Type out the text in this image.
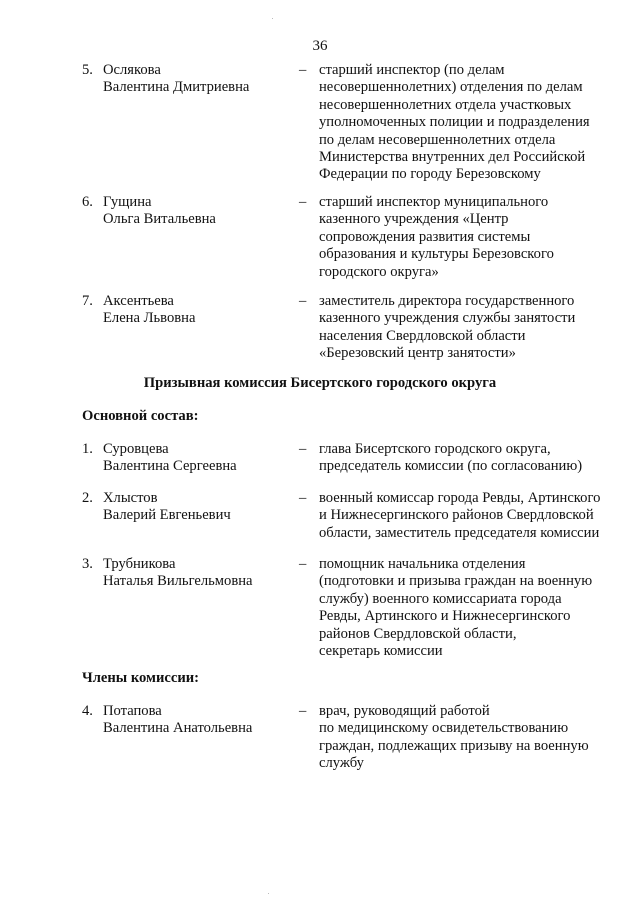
36
5. Ослякова
Валентина Дмитриевна
– старший инспектор (по делам
несовершеннолетних) отделения по делам
несовершеннолетних отдела участковых
уполномоченных полиции и подразделения
по делам несовершеннолетних отдела
Министерства внутренних дел Российской
Федерации по городу Березовскому
6. Гущина
Ольга Витальевна
– старший инспектор муниципального
казенного учреждения «Центр
сопровождения развития системы
образования и культуры Березовского
городского округа»
7. Аксентьева
Елена Львовна
– заместитель директора государственного
казенного учреждения службы занятости
населения Свердловской области
«Березовский центр занятости»
Призывная комиссия Бисертского городского округа
Основной состав:
1. Суровцева
Валентина Сергеевна
– глава Бисертского городского округа,
председатель комиссии (по согласованию)
2. Хлыстов
Валерий Евгеньевич
– военный комиссар города Ревды, Артинского
и Нижнесергинского районов Свердловской
области, заместитель председателя комиссии
3. Трубникова
Наталья Вильгельмовна
– помощник начальника отделения
(подготовки и призыва граждан на военную
службу) военного комиссариата города
Ревды, Артинского и Нижнесергинского
районов Свердловской области,
секретарь комиссии
Члены комиссии:
4. Потапова
Валентина Анатольевна
– врач, руководящий работой
по медицинскому освидетельствованию
граждан, подлежащих призыву на военную
службу
